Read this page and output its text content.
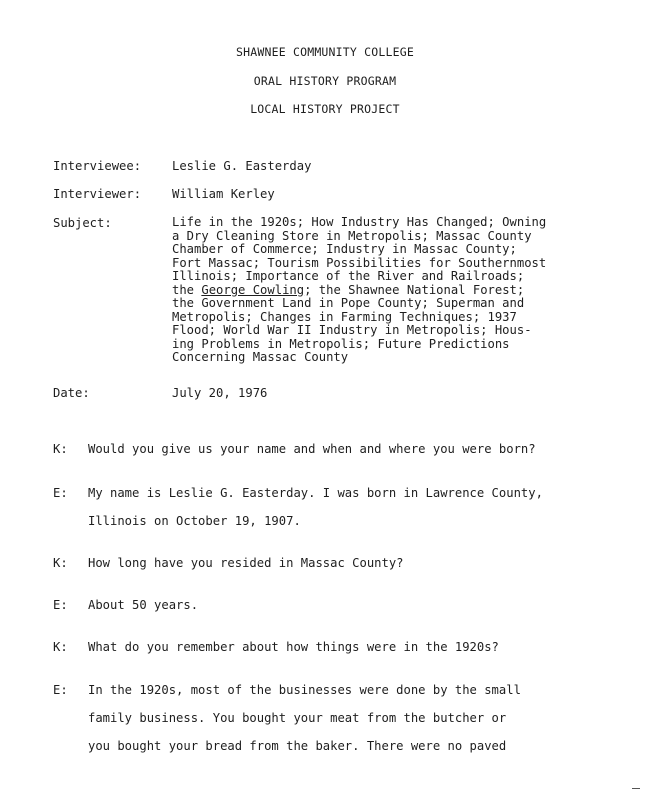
SHAWNEE COMMUNITY COLLEGE
ORAL HISTORY PROGRAM
LOCAL HISTORY PROJECT
Interviewee:	Leslie G. Easterday
Interviewer:	William Kerley
Subject:	Life in the 1920s; How Industry Has Changed; Owning
a Dry Cleaning Store in Metropolis; Massac County
Chamber of Commerce; Industry in Massac County;
Fort Massac; Tourism Possibilities for Southernmost
Illinois; Importance of the River and Railroads;
the George Cowling; the Shawnee National Forest;
the Government Land in Pope County; Superman and
Metropolis; Changes in Farming Techniques; 1937
Flood; World War II Industry in Metropolis; Hous-
ing Problems in Metropolis; Future Predictions
Concerning Massac County
Date:	July 20, 1976
K: Would you give us your name and when and where you were born?
E: My name is Leslie G. Easterday. I was born in Lawrence County,
Illinois on October 19, 1907.
K: How long have you resided in Massac County?
E: About 50 years.
K: What do you remember about how things were in the 1920s?
E: In the 1920s, most of the businesses were done by the small
family business. You bought your meat from the butcher or
you bought your bread from the baker. There were no paved
